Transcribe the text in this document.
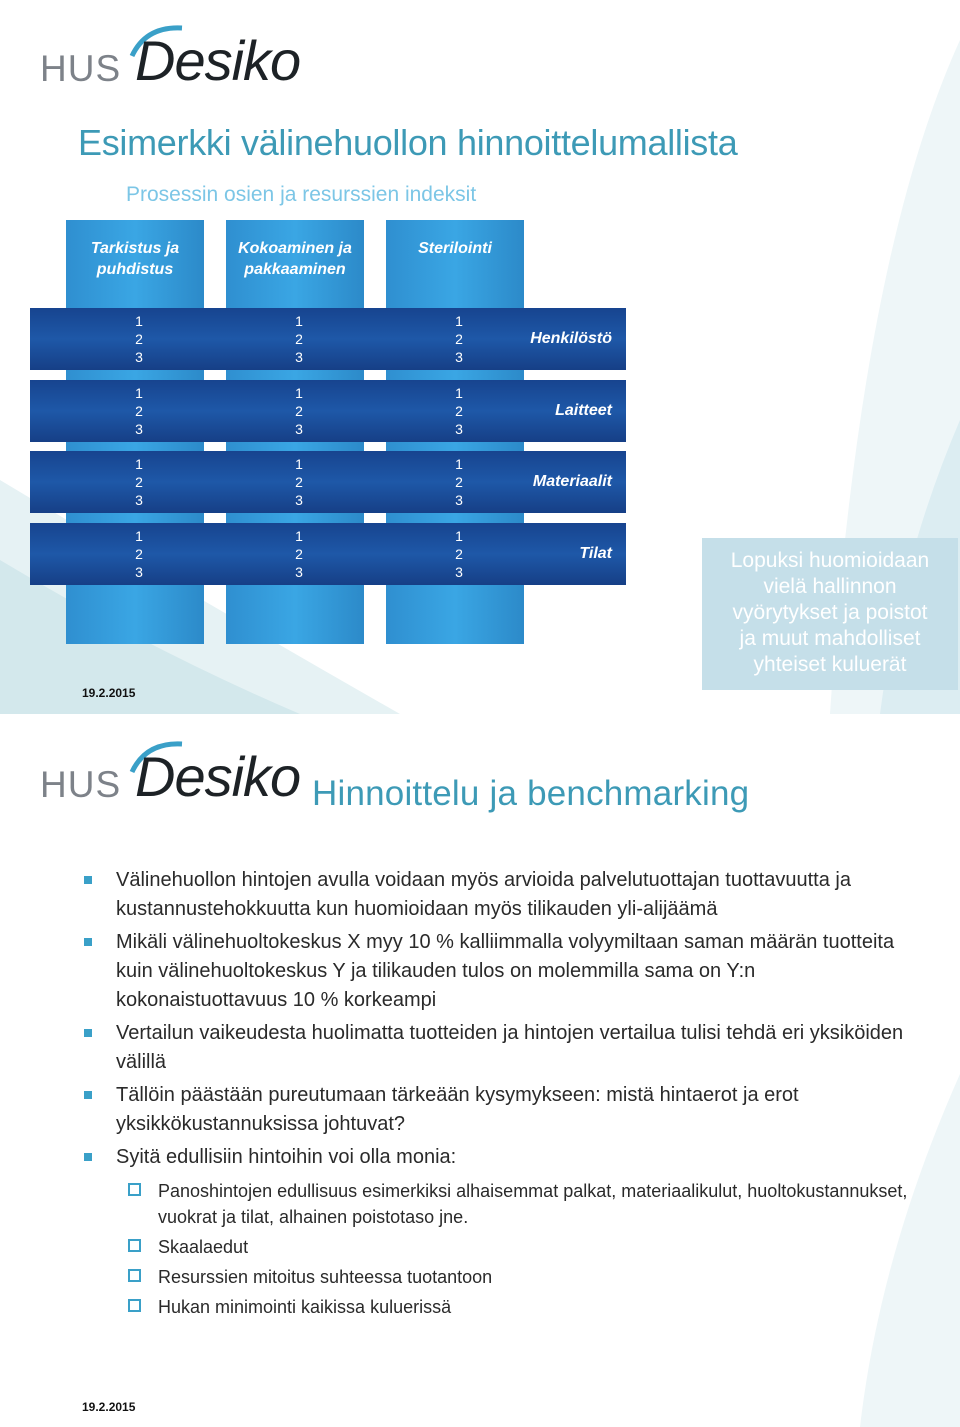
HUS Desiko
Esimerkki välinehuollon hinnoittelumallista
Prosessin osien ja resurssien indeksit
Tarkistus ja
puhdistus
Kokoaminen ja
pakkaaminen
Sterilointi
1
2
3
1
2
3
1
2
3
Henkilöstö
1
2
3
1
2
3
1
2
3
Laitteet
1
2
3
1
2
3
1
2
3
Materiaalit
1
2
3
1
2
3
1
2
3
Tilat	Lopuksi huomioidaan
vielä hallinnon
vyörytykset ja poistot
ja muut mahdolliset
yhteiset kuluerät
19.2.2015
HUS Desiko Hinnoittelu ja benchmarking
Välinehuollon hintojen avulla voidaan myös arvioida palvelutuottajan tuottavuutta ja kustannustehokkuutta kun huomioidaan myös tilikauden yli-alijäämä
Mikäli välinehuoltokeskus X myy 10 % kalliimmalla volyymiltaan saman määrän tuotteita kuin välinehuoltokeskus Y ja tilikauden tulos on molemmilla sama on Y:n kokonaistuottavuus 10 % korkeampi
Vertailun vaikeudesta huolimatta tuotteiden ja hintojen vertailua tulisi tehdä eri yksiköiden välillä
Tällöin päästään pureutumaan tärkeään kysymykseen: mistä hintaerot ja erot yksikkökustannuksissa johtuvat?
Syitä edullisiin hintoihin voi olla monia:
Panoshintojen edullisuus esimerkiksi alhaisemmat palkat, materiaalikulut, huoltokustannukset, vuokrat ja tilat, alhainen poistotaso jne.
Skaalaedut
Resurssien mitoitus suhteessa tuotantoon
Hukan minimointi kaikissa kuluerissä
19.2.2015
